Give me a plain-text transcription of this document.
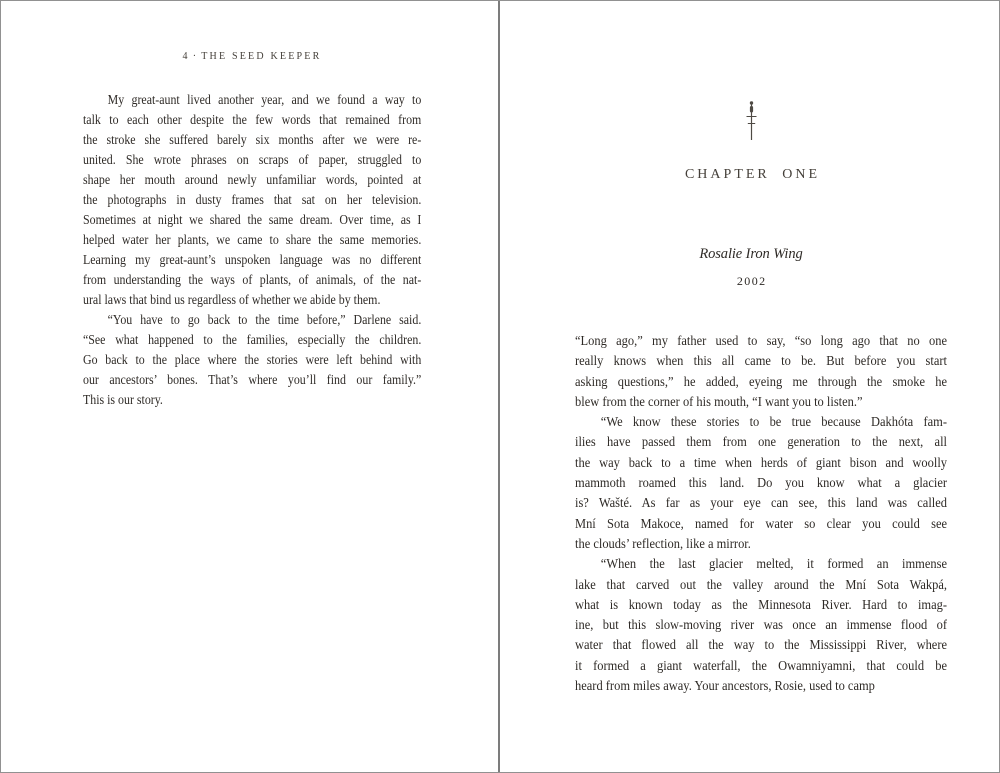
4 · THE SEED KEEPER
My great-aunt lived another year, and we found a way to
talk to each other despite the few words that remained from
the stroke she suffered barely six months after we were re-
united. She wrote phrases on scraps of paper, struggled to
shape her mouth around newly unfamiliar words, pointed at
the photographs in dusty frames that sat on her television.
Sometimes at night we shared the same dream. Over time, as I
helped water her plants, we came to share the same memories.
Learning my great-aunt’s unspoken language was no different
from understanding the ways of plants, of animals, of the nat-
ural laws that bind us regardless of whether we abide by them.
“You have to go back to the time before,” Darlene said.
“See what happened to the families, especially the children.
Go back to the place where the stories were left behind with
our ancestors’ bones. That’s where you’ll find our family.”
This is our story.
CHAPTER ONE
Rosalie Iron Wing
2002
“Long ago,” my father used to say, “so long ago that no one
really knows when this all came to be. But before you start
asking questions,” he added, eyeing me through the smoke he
blew from the corner of his mouth, “I want you to listen.”
“We know these stories to be true because Dakhóta fam-
ilies have passed them from one generation to the next, all
the way back to a time when herds of giant bison and woolly
mammoth roamed this land. Do you know what a glacier
is? Wašté. As far as your eye can see, this land was called
Mní Sota Makoce, named for water so clear you could see
the clouds’ reflection, like a mirror.
“When the last glacier melted, it formed an immense
lake that carved out the valley around the Mní Sota Wakpá,
what is known today as the Minnesota River. Hard to imag-
ine, but this slow-moving river was once an immense flood of
water that flowed all the way to the Mississippi River, where
it formed a giant waterfall, the Owamniyamni, that could be
heard from miles away. Your ancestors, Rosie, used to camp
